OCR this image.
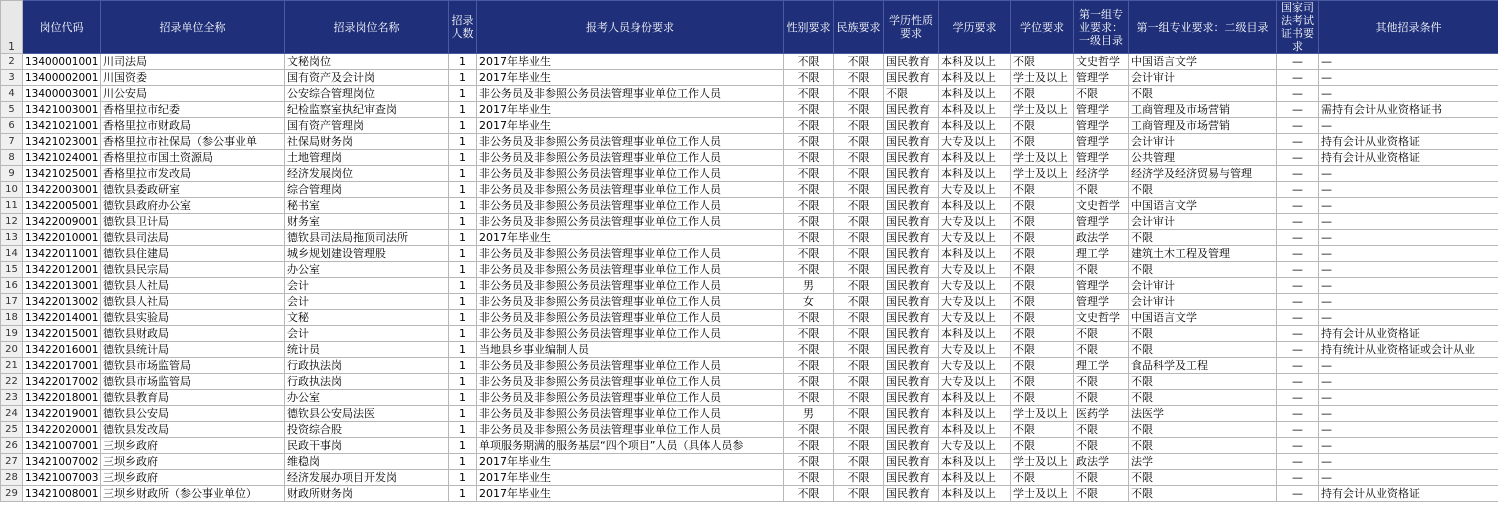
1	岗位代码	招录单位全称	招录岗位名称	招录人数	报考人员身份要求	性别要求	民族要求	学历性质要求	学历要求	学位要求	第一组专业要求：一级目录	第一组专业要求：二级目录	国家司法考试证书要求	其他招录条件
2	13400001001	川司法局	文秘岗位	1	2017年毕业生	不限	不限	国民教育	本科及以上	不限	文史哲学	中国语言文学	—	—
3	13400002001	川国资委	国有资产及会计岗	1	2017年毕业生	不限	不限	国民教育	本科及以上	学士及以上	管理学	会计审计	—	—
4	13400003001	川公安局	公安综合管理岗位	1	非公务员及非参照公务员法管理事业单位工作人员	不限	不限	不限	本科及以上	不限	不限	不限	—	—
5	13421003001	香格里拉市纪委	纪检监察室执纪审查岗	1	2017年毕业生	不限	不限	国民教育	本科及以上	学士及以上	管理学	工商管理及市场营销	—	需持有会计从业资格证书
6	13421021001	香格里拉市财政局	国有资产管理岗	1	2017年毕业生	不限	不限	国民教育	本科及以上	不限	管理学	工商管理及市场营销	—	—
7	13421023001	香格里拉市社保局（参公事业单	社保局财务岗	1	非公务员及非参照公务员法管理事业单位工作人员	不限	不限	国民教育	大专及以上	不限	管理学	会计审计	—	持有会计从业资格证
8	13421024001	香格里拉市国土资源局	土地管理岗	1	非公务员及非参照公务员法管理事业单位工作人员	不限	不限	国民教育	本科及以上	学士及以上	管理学	公共管理	—	持有会计从业资格证
9	13421025001	香格里拉市发改局	经济发展岗位	1	非公务员及非参照公务员法管理事业单位工作人员	不限	不限	国民教育	本科及以上	学士及以上	经济学	经济学及经济贸易与管理	—	—
10	13422003001	德钦县委政研室	综合管理岗	1	非公务员及非参照公务员法管理事业单位工作人员	不限	不限	国民教育	大专及以上	不限	不限	不限	—	—
11	13422005001	德钦县政府办公室	秘书室	1	非公务员及非参照公务员法管理事业单位工作人员	不限	不限	国民教育	本科及以上	不限	文史哲学	中国语言文学	—	—
12	13422009001	德钦县卫计局	财务室	1	非公务员及非参照公务员法管理事业单位工作人员	不限	不限	国民教育	大专及以上	不限	管理学	会计审计	—	—
13	13422010001	德钦县司法局	德钦县司法局拖顶司法所	1	2017年毕业生	不限	不限	国民教育	大专及以上	不限	政法学	不限	—	—
14	13422011001	德钦县住建局	城乡规划建设管理股	1	非公务员及非参照公务员法管理事业单位工作人员	不限	不限	国民教育	本科及以上	不限	理工学	建筑土木工程及管理	—	—
15	13422012001	德钦县民宗局	办公室	1	非公务员及非参照公务员法管理事业单位工作人员	不限	不限	国民教育	大专及以上	不限	不限	不限	—	—
16	13422013001	德钦县人社局	会计	1	非公务员及非参照公务员法管理事业单位工作人员	男	不限	国民教育	大专及以上	不限	管理学	会计审计	—	—
17	13422013002	德钦县人社局	会计	1	非公务员及非参照公务员法管理事业单位工作人员	女	不限	国民教育	大专及以上	不限	管理学	会计审计	—	—
18	13422014001	德钦县实验局	文秘	1	非公务员及非参照公务员法管理事业单位工作人员	不限	不限	国民教育	大专及以上	不限	文史哲学	中国语言文学	—	—
19	13422015001	德钦县财政局	会计	1	非公务员及非参照公务员法管理事业单位工作人员	不限	不限	国民教育	本科及以上	不限	不限	不限	—	持有会计从业资格证
20	13422016001	德钦县统计局	统计员	1	当地县乡事业编制人员	不限	不限	国民教育	大专及以上	不限	不限	不限	—	持有统计从业资格证或会计从业
21	13422017001	德钦县市场监管局	行政执法岗	1	非公务员及非参照公务员法管理事业单位工作人员	不限	不限	国民教育	大专及以上	不限	理工学	食品科学及工程	—	—
22	13422017002	德钦县市场监管局	行政执法岗	1	非公务员及非参照公务员法管理事业单位工作人员	不限	不限	国民教育	大专及以上	不限	不限	不限	—	—
23	13422018001	德钦县教育局	办公室	1	非公务员及非参照公务员法管理事业单位工作人员	不限	不限	国民教育	本科及以上	不限	不限	不限	—	—
24	13422019001	德钦县公安局	德钦县公安局法医	1	非公务员及非参照公务员法管理事业单位工作人员	男	不限	国民教育	本科及以上	学士及以上	医药学	法医学	—	—
25	13422020001	德钦县发改局	投资综合股	1	非公务员及非参照公务员法管理事业单位工作人员	不限	不限	国民教育	本科及以上	不限	不限	不限	—	—
26	13421007001	三坝乡政府	民政干事岗	1	单项服务期满的服务基层“四个项目”人员（具体人员参	不限	不限	国民教育	大专及以上	不限	不限	不限	—	—
27	13421007002	三坝乡政府	维稳岗	1	2017年毕业生	不限	不限	国民教育	本科及以上	学士及以上	政法学	法学	—	—
28	13421007003	三坝乡政府	经济发展办项目开发岗	1	2017年毕业生	不限	不限	国民教育	本科及以上	不限	不限	不限	—	—
29	13421008001	三坝乡财政所（参公事业单位）	财政所财务岗	1	2017年毕业生	不限	不限	国民教育	本科及以上	学士及以上	不限	不限	—	持有会计从业资格证
